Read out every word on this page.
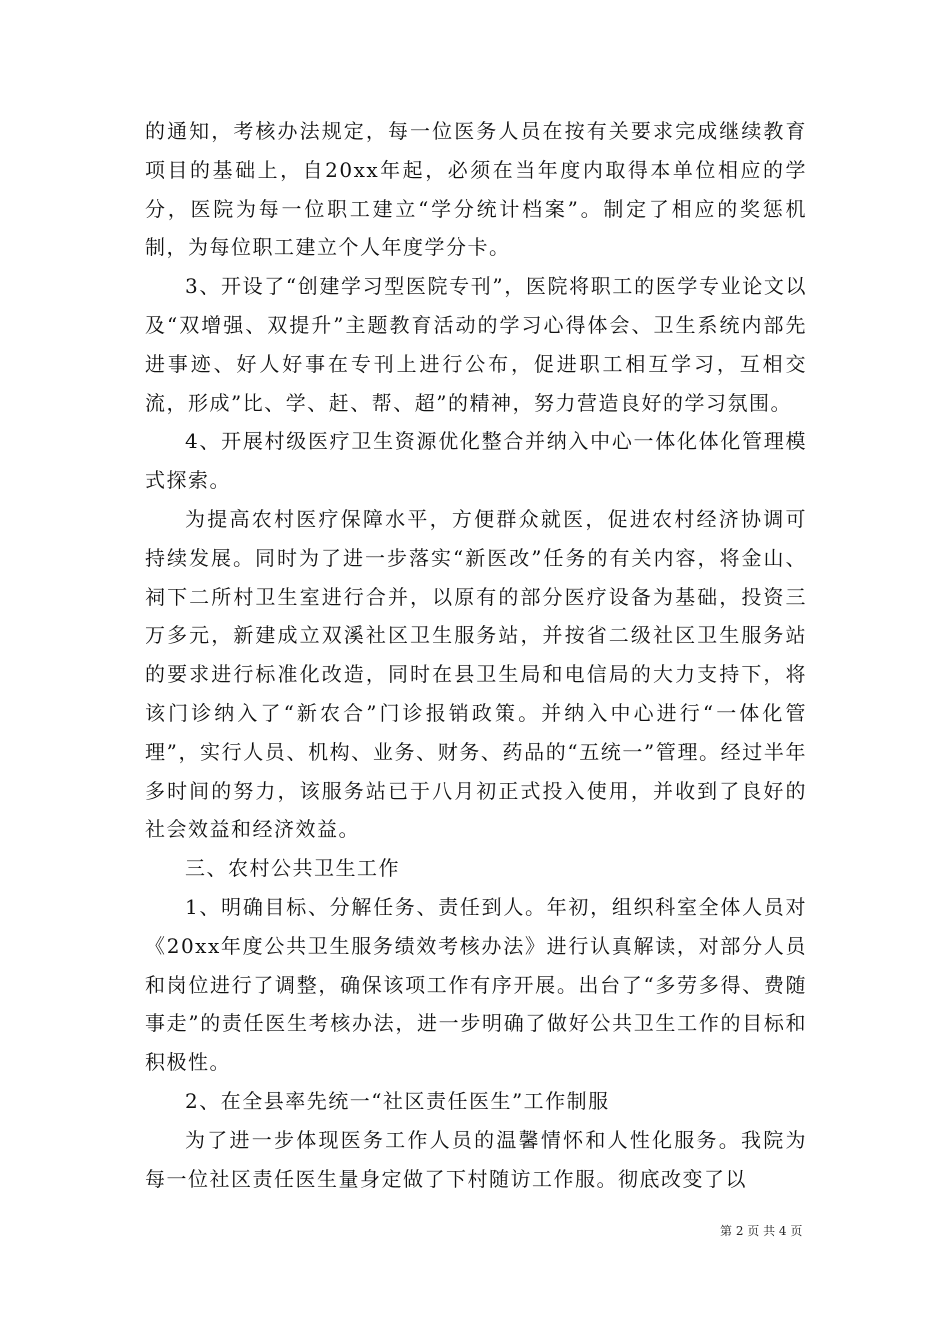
的通知，考核办法规定，每一位医务人员在按有关要求完成继续教育项目的基础上，自20xx年起，必须在当年度内取得本单位相应的学分，医院为每一位职工建立“学分统计档案”。制定了相应的奖惩机制，为每位职工建立个人年度学分卡。

3、开设了“创建学习型医院专刊”，医院将职工的医学专业论文以及“双增强、双提升”主题教育活动的学习心得体会、卫生系统内部先进事迹、好人好事在专刊上进行公布，促进职工相互学习，互相交流，形成”比、学、赶、帮、超”的精神，努力营造良好的学习氛围。

4、开展村级医疗卫生资源优化整合并纳入中心一体化体化管理模式探索。

为提高农村医疗保障水平，方便群众就医，促进农村经济协调可持续发展。同时为了进一步落实“新医改”任务的有关内容，将金山、祠下二所村卫生室进行合并，以原有的部分医疗设备为基础，投资三万多元，新建成立双溪社区卫生服务站，并按省二级社区卫生服务站的要求进行标准化改造，同时在县卫生局和电信局的大力支持下，将该门诊纳入了“新农合”门诊报销政策。并纳入中心进行“一体化管理”，实行人员、机构、业务、财务、药品的“五统一”管理。经过半年多时间的努力，该服务站已于八月初正式投入使用，并收到了良好的社会效益和经济效益。

三、农村公共卫生工作

1、明确目标、分解任务、责任到人。年初，组织科室全体人员对《20xx年度公共卫生服务绩效考核办法》进行认真解读，对部分人员和岗位进行了调整，确保该项工作有序开展。出台了“多劳多得、费随事走”的责任医生考核办法，进一步明确了做好公共卫生工作的目标和积极性。

2、在全县率先统一“社区责任医生”工作制服

为了进一步体现医务工作人员的温馨情怀和人性化服务。我院为每一位社区责任医生量身定做了下村随访工作服。彻底改变了以

第 2 页 共 4 页
